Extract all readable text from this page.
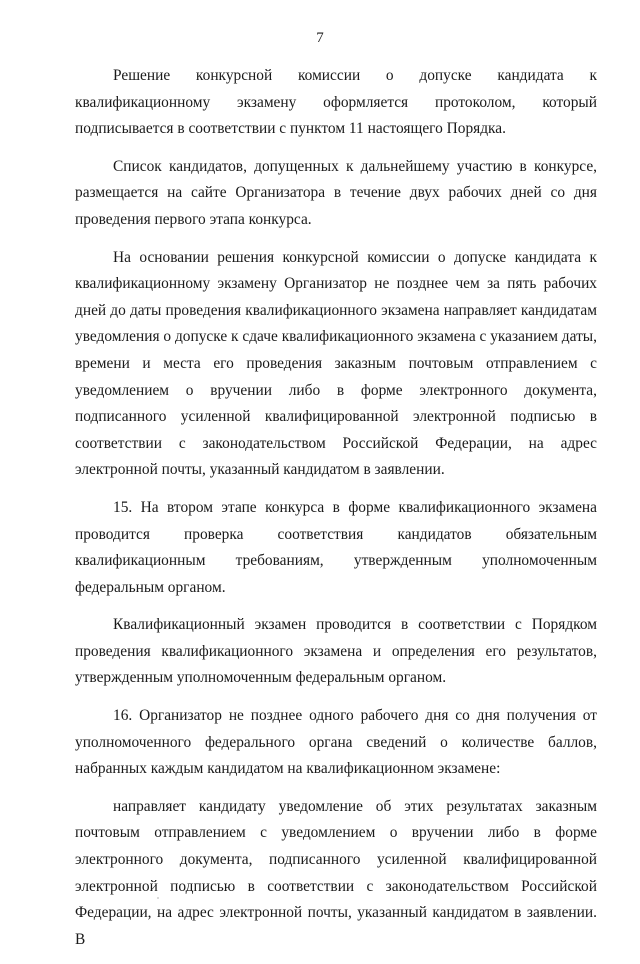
7

Решение конкурсной комиссии о допуске кандидата к квалификационному экзамену оформляется протоколом, который подписывается в соответствии с пунктом 11 настоящего Порядка.

Список кандидатов, допущенных к дальнейшему участию в конкурсе, размещается на сайте Организатора в течение двух рабочих дней со дня проведения первого этапа конкурса.

На основании решения конкурсной комиссии о допуске кандидата к квалификационному экзамену Организатор не позднее чем за пять рабочих дней до даты проведения квалификационного экзамена направляет кандидатам уведомления о допуске к сдаче квалификационного экзамена с указанием даты, времени и места его проведения заказным почтовым отправлением с уведомлением о вручении либо в форме электронного документа, подписанного усиленной квалифицированной электронной подписью в соответствии с законодательством Российской Федерации, на адрес электронной почты, указанный кандидатом в заявлении.

15. На втором этапе конкурса в форме квалификационного экзамена проводится проверка соответствия кандидатов обязательным квалификационным требованиям, утвержденным уполномоченным федеральным органом.

Квалификационный экзамен проводится в соответствии с Порядком проведения квалификационного экзамена и определения его результатов, утвержденным уполномоченным федеральным органом.

16. Организатор не позднее одного рабочего дня со дня получения от уполномоченного федерального органа сведений о количестве баллов, набранных каждым кандидатом на квалификационном экзамене:

направляет кандидату уведомление об этих результатах заказным почтовым отправлением с уведомлением о вручении либо в форме электронного документа, подписанного усиленной квалифицированной электронной подписью в соответствии с законодательством Российской Федерации, на адрес электронной почты, указанный кандидатом в заявлении. В
